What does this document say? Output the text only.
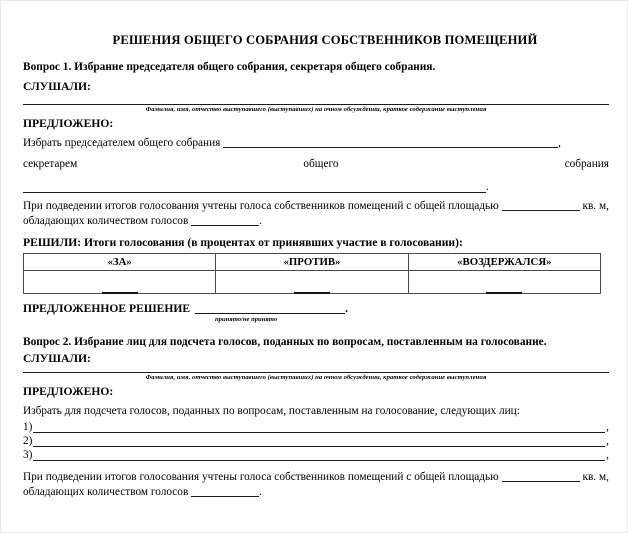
РЕШЕНИЯ ОБЩЕГО СОБРАНИЯ СОБСТВЕННИКОВ ПОМЕЩЕНИЙ
Вопрос 1. Избрание председателя общего собрания, секретаря общего собрания.
СЛУШАЛИ:
Фамилия, имя, отчество выступавшего (выступавших) на очном обсуждении, краткое содержание выступления
ПРЕДЛОЖЕНО:
Избрать председателем общего собрания	,
секретарем	общего	собрания
.
При подведении итогов голосования учтены голоса собственников помещений с общей площадью	кв. м, обладающих количеством голосов	.
РЕШИЛИ: Итоги голосования (в процентах от принявших участие в голосовании):
«ЗА»	«ПРОТИВ»	«ВОЗДЕРЖАЛСЯ»

ПРЕДЛОЖЕННОЕ РЕШЕНИЕ	.
принято/не принято
Вопрос 2. Избрание лиц для подсчета голосов, поданных по вопросам, поставленным на голосование.
СЛУШАЛИ:
Фамилия, имя, отчество выступавшего (выступавших) на очном обсуждении, краткое содержание выступления
ПРЕДЛОЖЕНО:
Избрать для подсчета голосов, поданных по вопросам, поставленным на голосование, следующих лиц:
1)	,
2)	,
3)	,
При подведении итогов голосования учтены голоса собственников помещений с общей площадью	кв. м, обладающих количеством голосов	.
